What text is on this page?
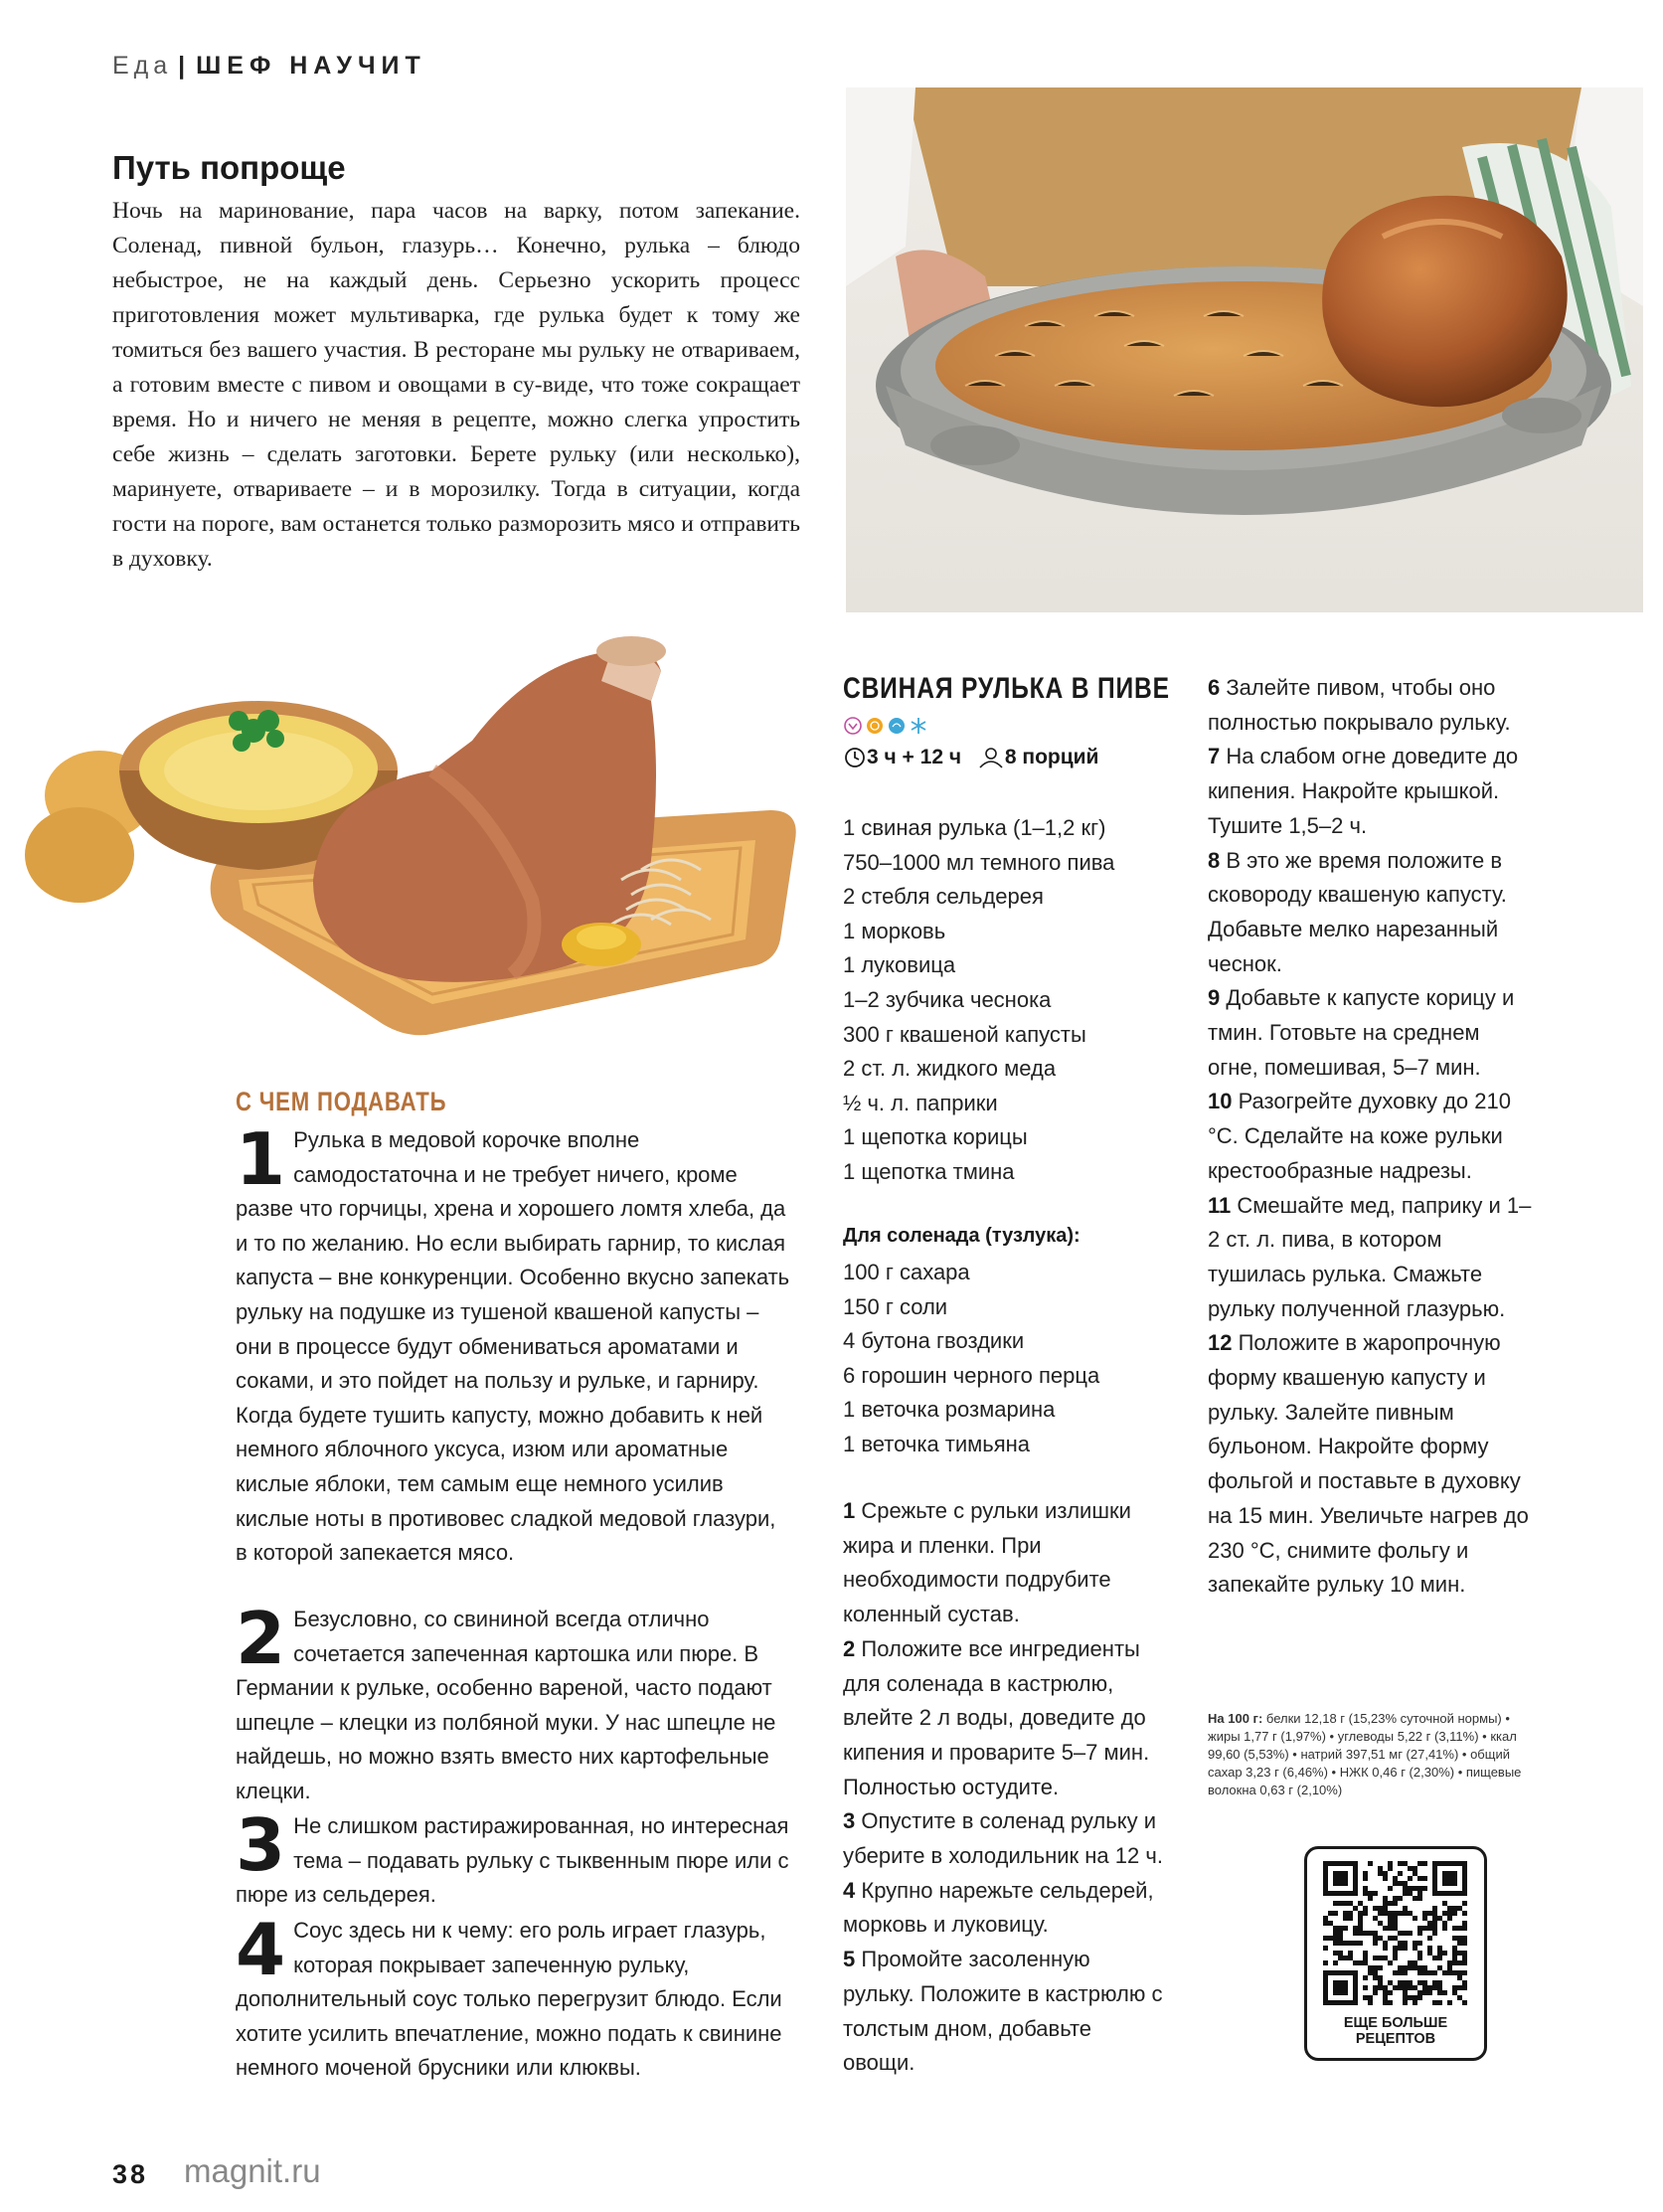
Еда | ШЕФ НАУЧИТ
Путь попроще
Ночь на маринование, пара часов на варку, потом запекание. Соленад, пивной бульон, глазурь… Конечно, рулька – блюдо небыстрое, не на каждый день. Серьезно ускорить процесс приготовления может мультиварка, где рулька будет к тому же томиться без вашего участия. В ресторане мы рульку не отвариваем, а готовим вместе с пивом и овощами в су-виде, что тоже сокращает время. Но и ничего не меняя в рецепте, можно слегка упростить себе жизнь – сделать заготовки. Берете рульку (или несколько), маринуете, отвариваете – и в морозилку. Тогда в ситуации, когда гости на пороге, вам останется только разморозить мясо и отправить в духовку.
С ЧЕМ ПОДАВАТЬ
1 Рулька в медовой корочке вполне самодостаточна и не требует ничего, кроме разве что горчицы, хрена и хорошего ломтя хлеба, да и то по желанию. Но если выбирать гарнир, то кислая капуста – вне конкуренции. Особенно вкусно запекать рульку на подушке из тушеной квашеной капусты – они в процессе будут обмениваться ароматами и соками, и это пойдет на пользу и рульке, и гарниру. Когда будете тушить капусту, можно добавить к ней немного яблочного уксуса, изюм или ароматные кислые яблоки, тем самым еще немного усилив кислые ноты в противовес сладкой медовой глазури, в которой запекается мясо.
2 Безусловно, со свининой всегда отлично сочетается запеченная картошка или пюре. В Германии к рульке, особенно вареной, часто подают шпецле – клецки из полбяной муки. У нас шпецле не найдешь, но можно взять вместо них картофельные клецки.
3 Не слишком растиражированная, но интересная тема – подавать рульку с тыквенным пюре или с пюре из сельдерея.
4 Соус здесь ни к чему: его роль играет глазурь, которая покрывает запеченную рульку, дополнительный соус только перегрузит блюдо. Если хотите усилить впечатление, можно подать к свинине немного моченой брусники или клюквы.
СВИНАЯ РУЛЬКА В ПИВЕ
3 ч + 12 ч
8 порций
1 свиная рулька (1–1,2 кг)
750–1000 мл темного пива
2 стебля сельдерея
1 морковь
1 луковица
1–2 зубчика чеснока
300 г квашеной капусты
2 ст. л. жидкого меда
½ ч. л. паприки
1 щепотка корицы
1 щепотка тмина
Для соленада (тузлука):
100 г сахара
150 г соли
4 бутона гвоздики
6 горошин черного перца
1 веточка розмарина
1 веточка тимьяна
1 Срежьте с рульки излишки жира и пленки. При необходимости подрубите коленный сустав.
2 Положите все ингредиенты для соленада в кастрюлю, влейте 2 л воды, доведите до кипения и проварите 5–7 мин. Полностью остудите.
3 Опустите в соленад рульку и уберите в холодильник на 12 ч.
4 Крупно нарежьте сельдерей, морковь и луковицу.
5 Промойте засоленную рульку. Положите в кастрюлю с толстым дном, добавьте овощи.
6 Залейте пивом, чтобы оно полностью покрывало рульку.
7 На слабом огне доведите до кипения. Накройте крышкой. Тушите 1,5–2 ч.
8 В это же время положите в сковороду квашеную капусту. Добавьте мелко нарезанный чеснок.
9 Добавьте к капусте корицу и тмин. Готовьте на среднем огне, помешивая, 5–7 мин.
10 Разогрейте духовку до 210 °С. Сделайте на коже рульки крестообразные надрезы.
11 Смешайте мед, паприку и 1–2 ст. л. пива, в котором тушилась рулька. Смажьте рульку полученной глазурью.
12 Положите в жаропрочную форму квашеную капусту и рульку. Залейте пивным бульоном. Накройте форму фольгой и поставьте в духовку на 15 мин. Увеличьте нагрев до 230 °С, снимите фольгу и запекайте рульку 10 мин.
На 100 г: белки 12,18 г (15,23% суточной нормы) • жиры 1,77 г (1,97%) • углеводы 5,22 г (3,11%) • ккал 99,60 (5,53%) • натрий 397,51 мг (27,41%) • общий сахар 3,23 г (6,46%) • НЖК 0,46 г (2,30%) • пищевые волокна 0,63 г (2,10%)
ЕЩЕ БОЛЬШЕ
РЕЦЕПТОВ
38 magnit.ru
